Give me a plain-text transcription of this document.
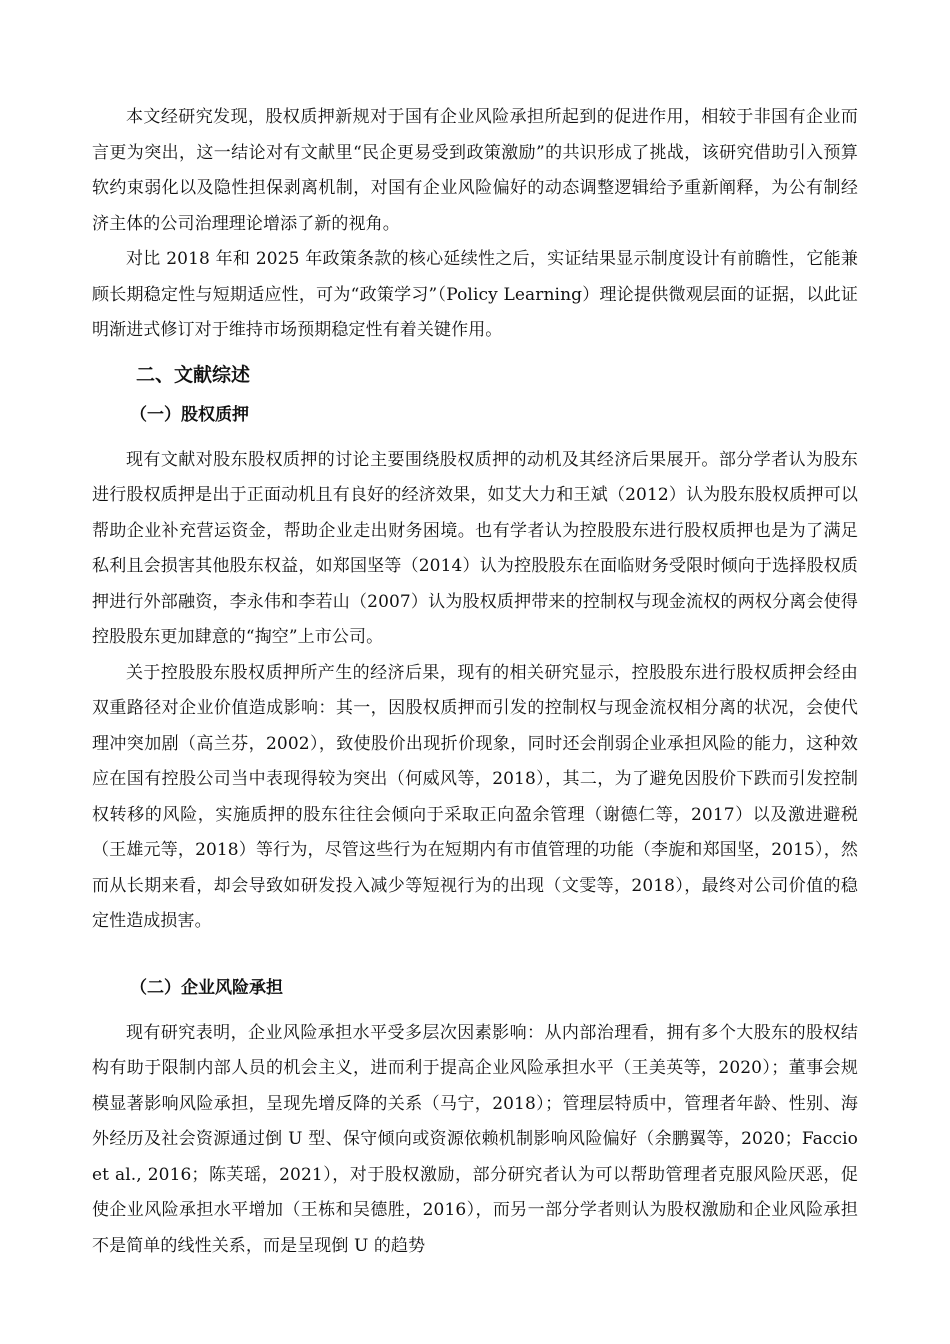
本文经研究发现，股权质押新规对于国有企业风险承担所起到的促进作用，相较于非国有企业而言更为突出，这一结论对有文献里“民企更易受到政策激励”的共识形成了挑战，该研究借助引入预算软约束弱化以及隐性担保剥离机制，对国有企业风险偏好的动态调整逻辑给予重新阐释，为公有制经济主体的公司治理理论增添了新的视角。

对比 2018 年和 2025 年政策条款的核心延续性之后，实证结果显示制度设计有前瞻性，它能兼顾长期稳定性与短期适应性，可为“政策学习”（Policy Learning）理论提供微观层面的证据，以此证明渐进式修订对于维持市场预期稳定性有着关键作用。

二、文献综述
（一）股权质押

现有文献对股东股权质押的讨论主要围绕股权质押的动机及其经济后果展开。部分学者认为股东进行股权质押是出于正面动机且有良好的经济效果，如艾大力和王斌（2012）认为股东股权质押可以帮助企业补充营运资金，帮助企业走出财务困境。也有学者认为控股股东进行股权质押也是为了满足私利且会损害其他股东权益，如郑国坚等（2014）认为控股股东在面临财务受限时倾向于选择股权质押进行外部融资，李永伟和李若山（2007）认为股权质押带来的控制权与现金流权的两权分离会使得控股股东更加肆意的“掏空”上市公司。

关于控股股东股权质押所产生的经济后果，现有的相关研究显示，控股股东进行股权质押会经由双重路径对企业价值造成影响：其一，因股权质押而引发的控制权与现金流权相分离的状况，会使代理冲突加剧（高兰芬，2002），致使股价出现折价现象，同时还会削弱企业承担风险的能力，这种效应在国有控股公司当中表现得较为突出（何威风等，2018），其二，为了避免因股价下跌而引发控制权转移的风险，实施质押的股东往往会倾向于采取正向盈余管理（谢德仁等，2017）以及激进避税（王雄元等，2018）等行为，尽管这些行为在短期内有市值管理的功能（李旎和郑国坚，2015），然而从长期来看，却会导致如研发投入减少等短视行为的出现（文雯等，2018），最终对公司价值的稳定性造成损害。

（二）企业风险承担

现有研究表明，企业风险承担水平受多层次因素影响：从内部治理看，拥有多个大股东的股权结构有助于限制内部人员的机会主义，进而利于提高企业风险承担水平（王美英等，2020）；董事会规模显著影响风险承担，呈现先增反降的关系（马宁，2018）；管理层特质中，管理者年龄、性别、海外经历及社会资源通过倒 U 型、保守倾向或资源依赖机制影响风险偏好（余鹏翼等，2020；Faccio et al., 2016；陈芙瑶，2021），对于股权激励，部分研究者认为可以帮助管理者克服风险厌恶，促使企业风险承担水平增加（王栋和吴德胜，2016），而另一部分学者则认为股权激励和企业风险承担不是简单的线性关系，而是呈现倒 U 的趋势
